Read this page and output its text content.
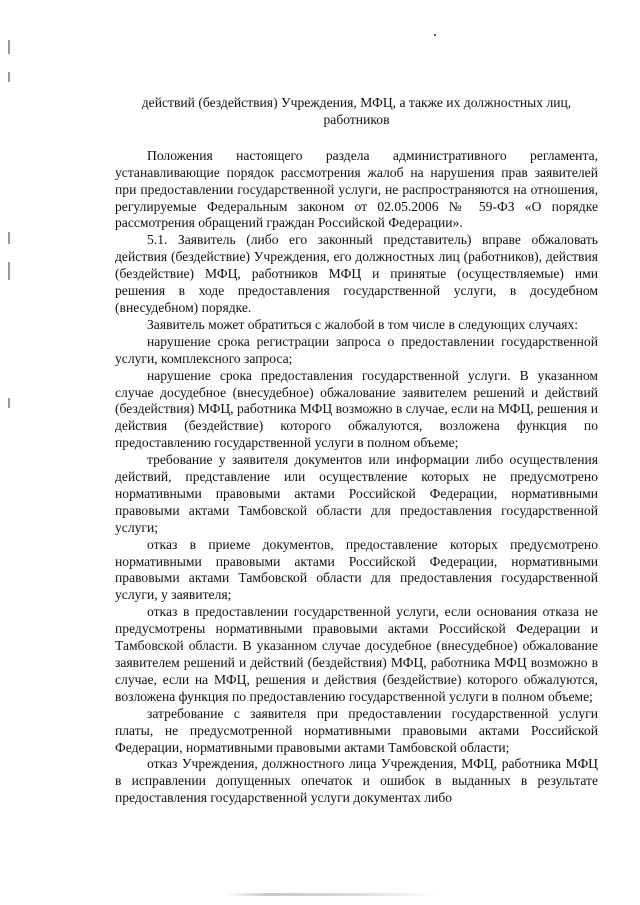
действий (бездействия) Учреждения, МФЦ, а также их должностных лиц, работников

Положения настоящего раздела административного регламента, устанавливающие порядок рассмотрения жалоб на нарушения прав заявителей при предоставлении государственной услуги, не распространяются на отношения, регулируемые Федеральным законом от 02.05.2006 № 59-ФЗ «О порядке рассмотрения обращений граждан Российской Федерации».

5.1. Заявитель (либо его законный представитель) вправе обжаловать действия (бездействие) Учреждения, его должностных лиц (работников), действия (бездействие) МФЦ, работников МФЦ и принятые (осуществляемые) ими решения в ходе предоставления государственной услуги, в досудебном (внесудебном) порядке.

Заявитель может обратиться с жалобой в том числе в следующих случаях:

нарушение срока регистрации запроса о предоставлении государственной услуги, комплексного запроса;

нарушение срока предоставления государственной услуги. В указанном случае досудебное (внесудебное) обжалование заявителем решений и действий (бездействия) МФЦ, работника МФЦ возможно в случае, если на МФЦ, решения и действия (бездействие) которого обжалуются, возложена функция по предоставлению государственной услуги в полном объеме;

требование у заявителя документов или информации либо осуществления действий, представление или осуществление которых не предусмотрено нормативными правовыми актами Российской Федерации, нормативными правовыми актами Тамбовской области для предоставления государственной услуги;

отказ в приеме документов, предоставление которых предусмотрено нормативными правовыми актами Российской Федерации, нормативными правовыми актами Тамбовской области для предоставления государственной услуги, у заявителя;

отказ в предоставлении государственной услуги, если основания отказа не предусмотрены нормативными правовыми актами Российской Федерации и Тамбовской области. В указанном случае досудебное (внесудебное) обжалование заявителем решений и действий (бездействия) МФЦ, работника МФЦ возможно в случае, если на МФЦ, решения и действия (бездействие) которого обжалуются, возложена функция по предоставлению государственной услуги в полном объеме;

затребование с заявителя при предоставлении государственной услуги платы, не предусмотренной нормативными правовыми актами Российской Федерации, нормативными правовыми актами Тамбовской области;

отказ Учреждения, должностного лица Учреждения, МФЦ, работника МФЦ в исправлении допущенных опечаток и ошибок в выданных в результате предоставления государственной услуги документах либо
